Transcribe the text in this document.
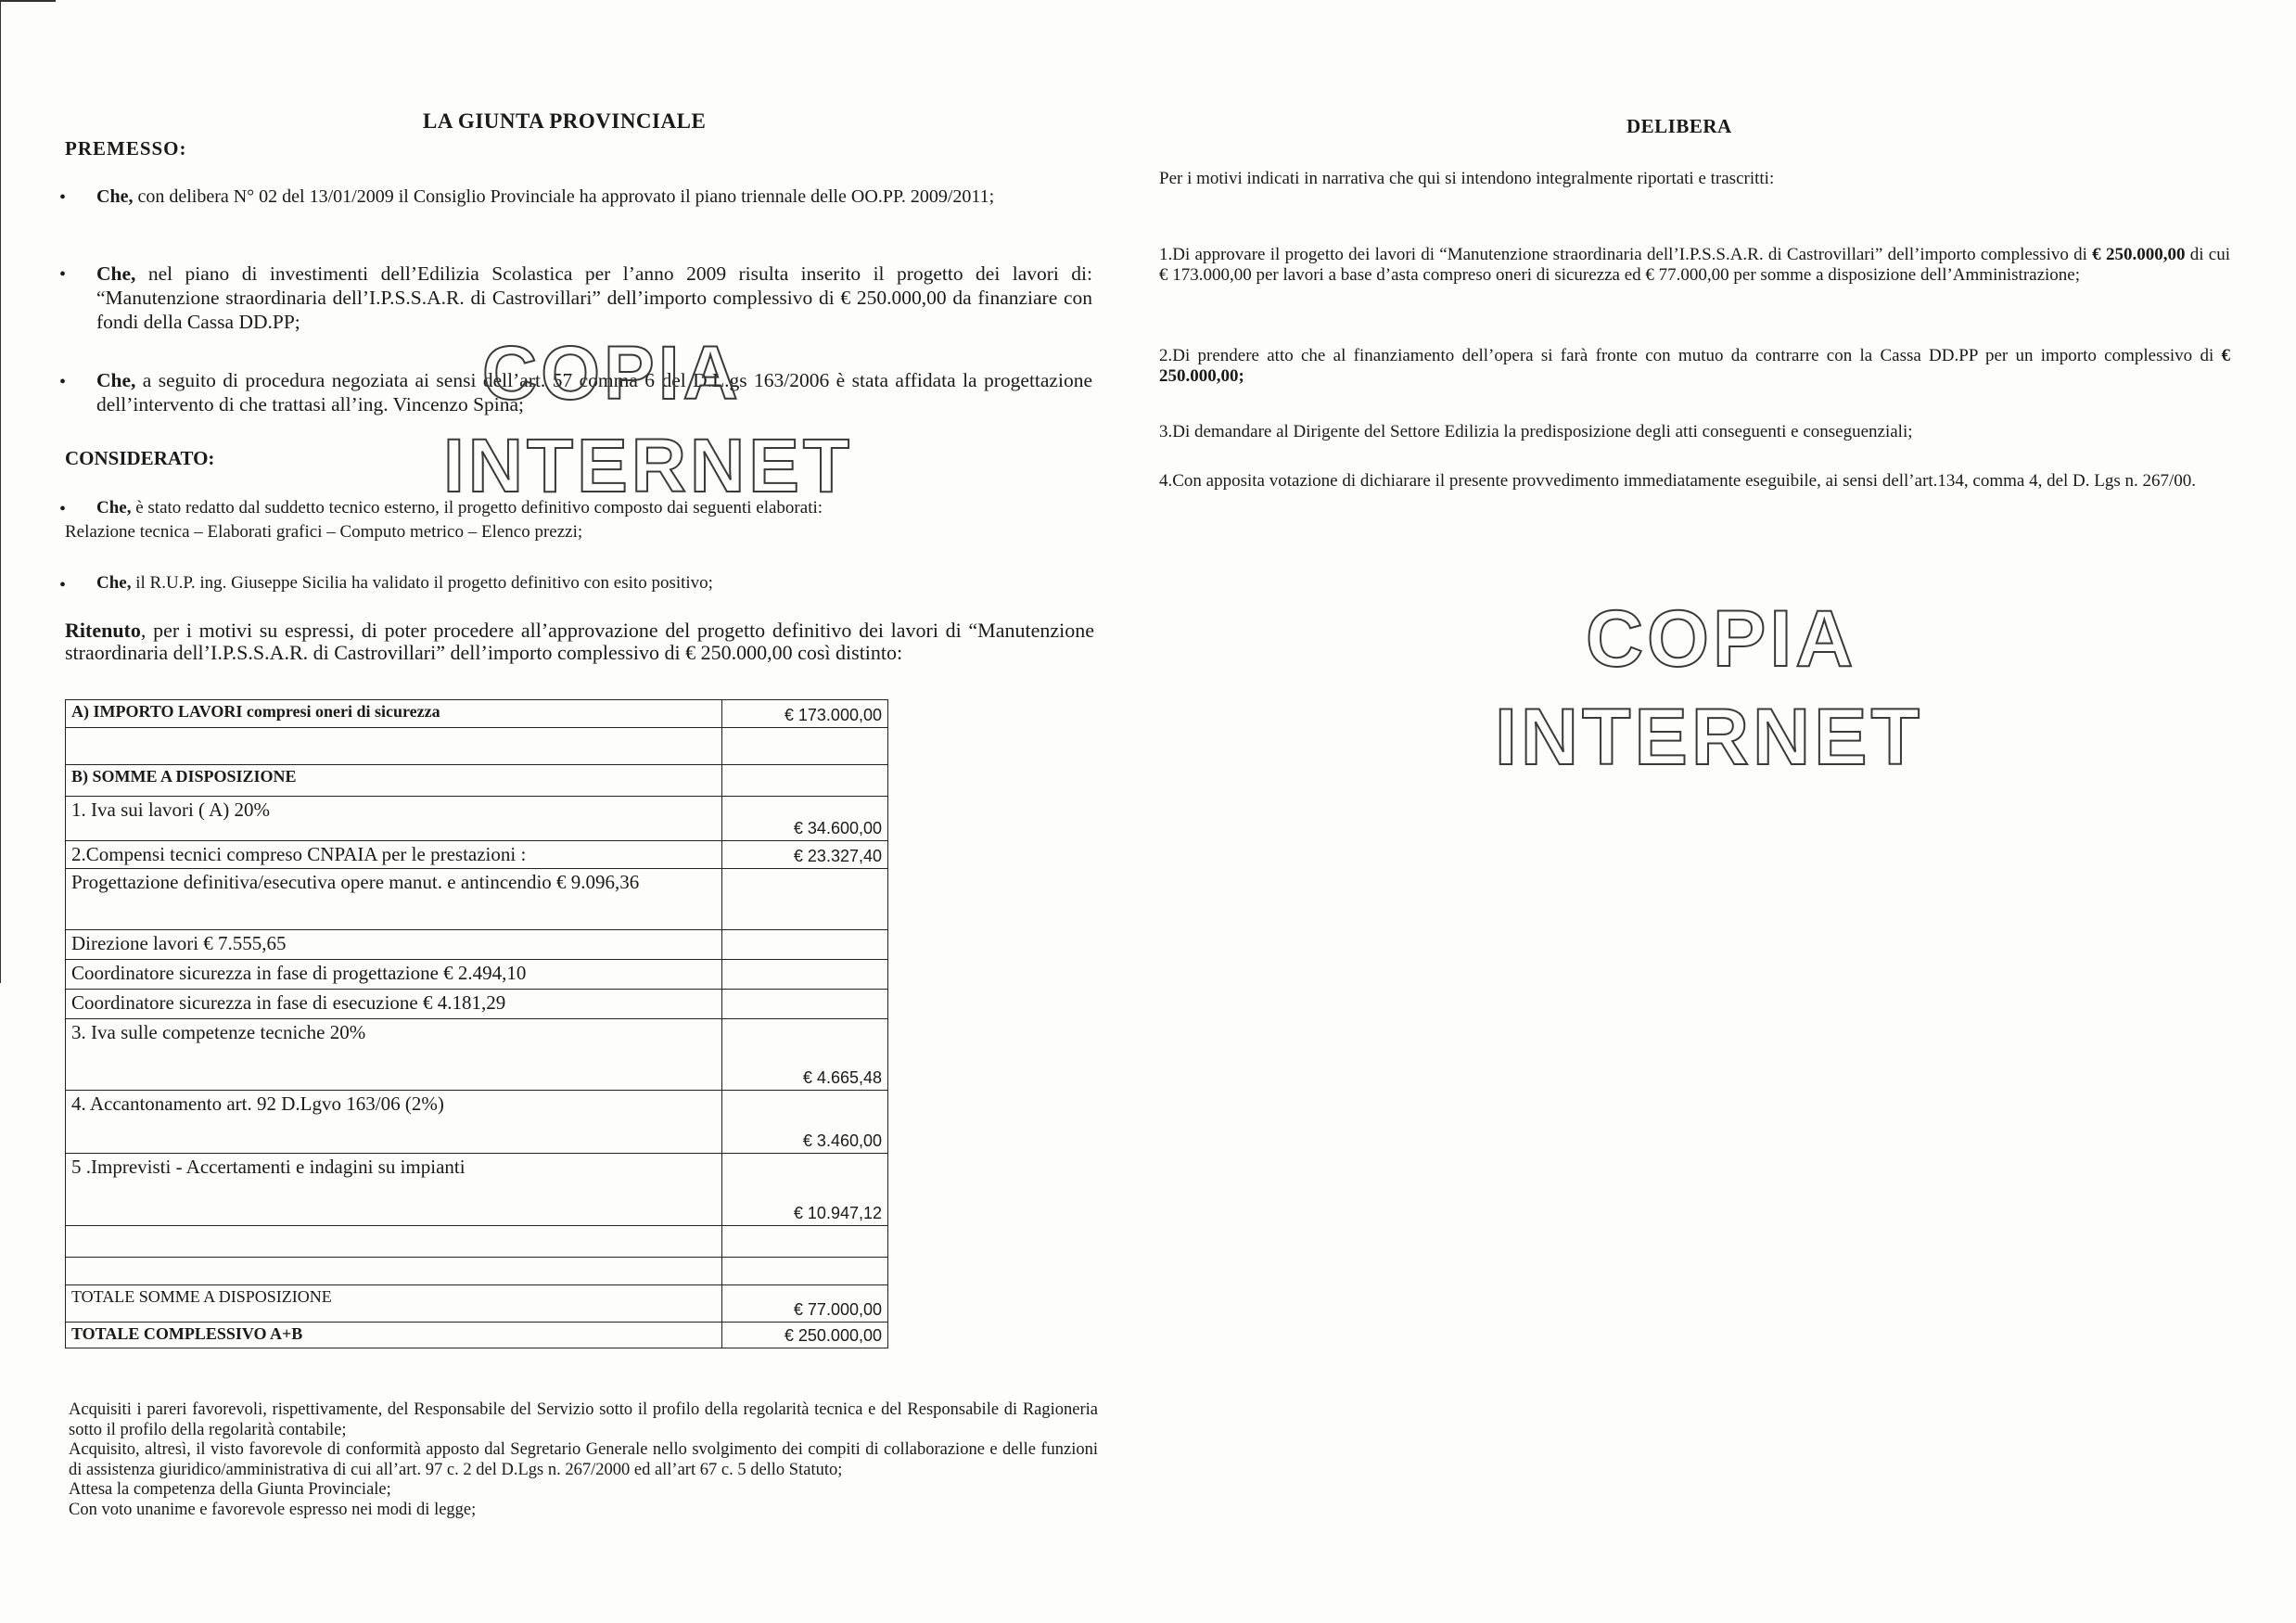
LA GIUNTA PROVINCIALE
PREMESSO:
• Che, con delibera N° 02 del 13/01/2009 il Consiglio Provinciale ha approvato il piano triennale delle OO.PP. 2009/2011;
• Che, nel piano di investimenti dell’Edilizia Scolastica per l’anno 2009 risulta inserito il progetto dei lavori di: “Manutenzione straordinaria dell’I.P.S.S.A.R. di Castrovillari” dell’importo complessivo di € 250.000,00 da finanziare con fondi della Cassa DD.PP;
• Che, a seguito di procedura negoziata ai sensi dell’art. 57 comma 6 del D.L.gs 163/2006 è stata affidata la progettazione dell’intervento di che trattasi all’ing. Vincenzo Spina;
CONSIDERATO:
• Che, è stato redatto dal suddetto tecnico esterno, il progetto definitivo composto dai seguenti elaborati:
Relazione tecnica – Elaborati grafici – Computo metrico – Elenco prezzi;
• Che, il R.U.P. ing. Giuseppe Sicilia ha validato il progetto definitivo con esito positivo;
Ritenuto, per i motivi su espressi, di poter procedere all’approvazione del progetto definitivo dei lavori di “Manutenzione straordinaria dell’I.P.S.S.A.R. di Castrovillari” dell’importo complessivo di € 250.000,00 così distinto:
A) IMPORTO LAVORI compresi oneri di sicurezza	€ 173.000,00

B) SOMME A DISPOSIZIONE	
1. Iva sui lavori ( A) 20%	€ 34.600,00
2.Compensi tecnici compreso CNPAIA per le prestazioni :	€ 23.327,40
Progettazione definitiva/esecutiva opere manut. e antincendio € 9.096,36	
Direzione lavori € 7.555,65	
Coordinatore sicurezza in fase di progettazione € 2.494,10	
Coordinatore sicurezza in fase di esecuzione € 4.181,29	
3. Iva sulle competenze tecniche 20%	€ 4.665,48
4. Accantonamento art. 92 D.Lgvo 163/06 (2%)	€ 3.460,00
5 .Imprevisti - Accertamenti e indagini su impianti	€ 10.947,12

TOTALE SOMME A DISPOSIZIONE	€ 77.000,00
TOTALE COMPLESSIVO A+B	€ 250.000,00
Acquisiti i pareri favorevoli, rispettivamente, del Responsabile del Servizio sotto il profilo della regolarità tecnica e del Responsabile di Ragioneria sotto il profilo della regolarità contabile;
Acquisito, altresì, il visto favorevole di conformità apposto dal Segretario Generale nello svolgimento dei compiti di collaborazione e delle funzioni di assistenza giuridico/amministrativa di cui all’art. 97 c. 2 del D.Lgs n. 267/2000 ed all’art 67 c. 5 dello Statuto;
Attesa la competenza della Giunta Provinciale;
Con voto unanime e favorevole espresso nei modi di legge;
COPIA
INTERNET
DELIBERA
Per i motivi indicati in narrativa che qui si intendono integralmente riportati e trascritti:
1.Di approvare il progetto dei lavori di “Manutenzione straordinaria dell’I.P.S.S.A.R. di Castrovillari” dell’importo complessivo di € 250.000,00 di cui € 173.000,00 per lavori a base d’asta compreso oneri di sicurezza ed € 77.000,00 per somme a disposizione dell’Amministrazione;
2.Di prendere atto che al finanziamento dell’opera si farà fronte con mutuo da contrarre con la Cassa DD.PP per un importo complessivo di € 250.000,00;
3.Di demandare al Dirigente del Settore Edilizia la predisposizione degli atti conseguenti e conseguenziali;
4.Con apposita votazione di dichiarare il presente provvedimento immediatamente eseguibile, ai sensi dell’art.134, comma 4, del D. Lgs n. 267/00.
COPIA
INTERNET
